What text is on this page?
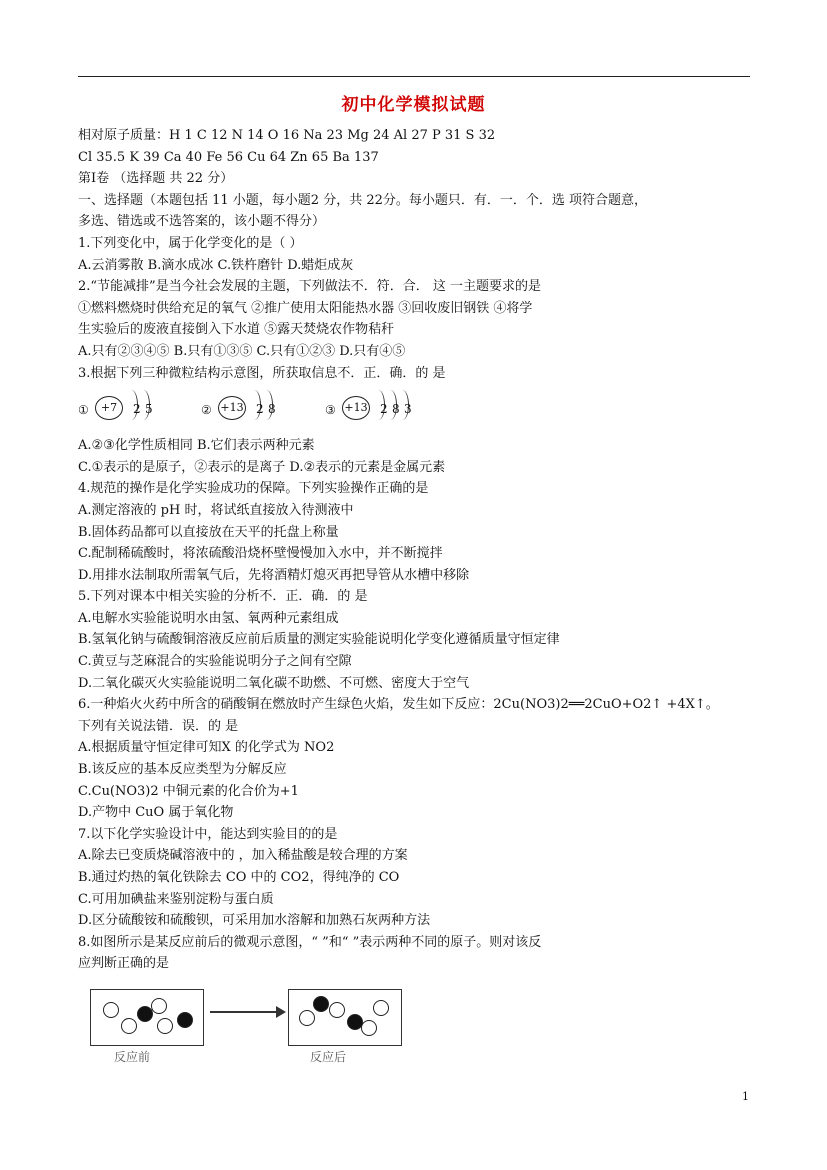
初中化学模拟试题
相对原子质量：H 1 C 12 N 14 O 16 Na 23 Mg 24 Al 27 P 31 S 32
Cl 35.5 K 39 Ca 40 Fe 56 Cu 64 Zn 65 Ba 137
第Ⅰ卷 （选择题 共 22 分）
一、选择题（本题包括 11 小题，每小题2 分，共 22分。每小题只．有．一．个．选 项符合题意，
多选、错选或不选答案的，该小题不得分）
1.下列变化中，属于化学变化的是（ ）
A.云消雾散 B.滴水成冰 C.铁杵磨针 D.蜡炬成灰
2.“节能减排”是当今社会发展的主题，下列做法不．符．合． 这 一主题要求的是
①燃料燃烧时供给充足的氧气 ②推广使用太阳能热水器 ③回收废旧钢铁 ④将学
生实验后的废液直接倒入下水道 ⑤露天焚烧农作物秸秆
A.只有②③④⑤ B.只有①③⑤ C.只有①②③ D.只有④⑤
3.根据下列三种微粒结构示意图，所获取信息不．正．确．的 是
①	+7	2 5	② +13 2 8	③ +13 2 8 3
A.②③化学性质相同 B.它们表示两种元素
C.①表示的是原子，②表示的是离子 D.②表示的元素是金属元素
4.规范的操作是化学实验成功的保障。下列实验操作正确的是
A.测定溶液的 pH 时，将试纸直接放入待测液中
B.固体药品都可以直接放在天平的托盘上称量
C.配制稀硫酸时，将浓硫酸沿烧杯壁慢慢加入水中，并不断搅拌
D.用排水法制取所需氧气后，先将酒精灯熄灭再把导管从水槽中移除
5.下列对课本中相关实验的分析不．正．确．的 是
A.电解水实验能说明水由氢、氧两种元素组成
B.氢氧化钠与硫酸铜溶液反应前后质量的测定实验能说明化学变化遵循质量守恒定律
C.黄豆与芝麻混合的实验能说明分子之间有空隙
D.二氧化碳灭火实验能说明二氧化碳不助燃、不可燃、密度大于空气
6.一种焰火火药中所含的硝酸铜在燃放时产生绿色火焰，发生如下反应：2Cu(NO3)2══2CuO+O2↑ +4X↑。
下列有关说法错．误．的 是
A.根据质量守恒定律可知X 的化学式为 NO2
B.该反应的基本反应类型为分解反应
C.Cu(NO3)2 中铜元素的化合价为+1
D.产物中 CuO 属于氧化物
7.以下化学实验设计中，能达到实验目的的是
A.除去已变质烧碱溶液中的 ，加入稀盐酸是较合理的方案
B.通过灼热的氧化铁除去 CO 中的 CO2，得纯净的 CO
C.可用加碘盐来鉴别淀粉与蛋白质
D.区分硫酸铵和硫酸钡，可采用加水溶解和加熟石灰两种方法
8.如图所示是某反应前后的微观示意图，“ ”和“ ”表示两种不同的原子。则对该反
应判断正确的是
反应前	反应后
1
